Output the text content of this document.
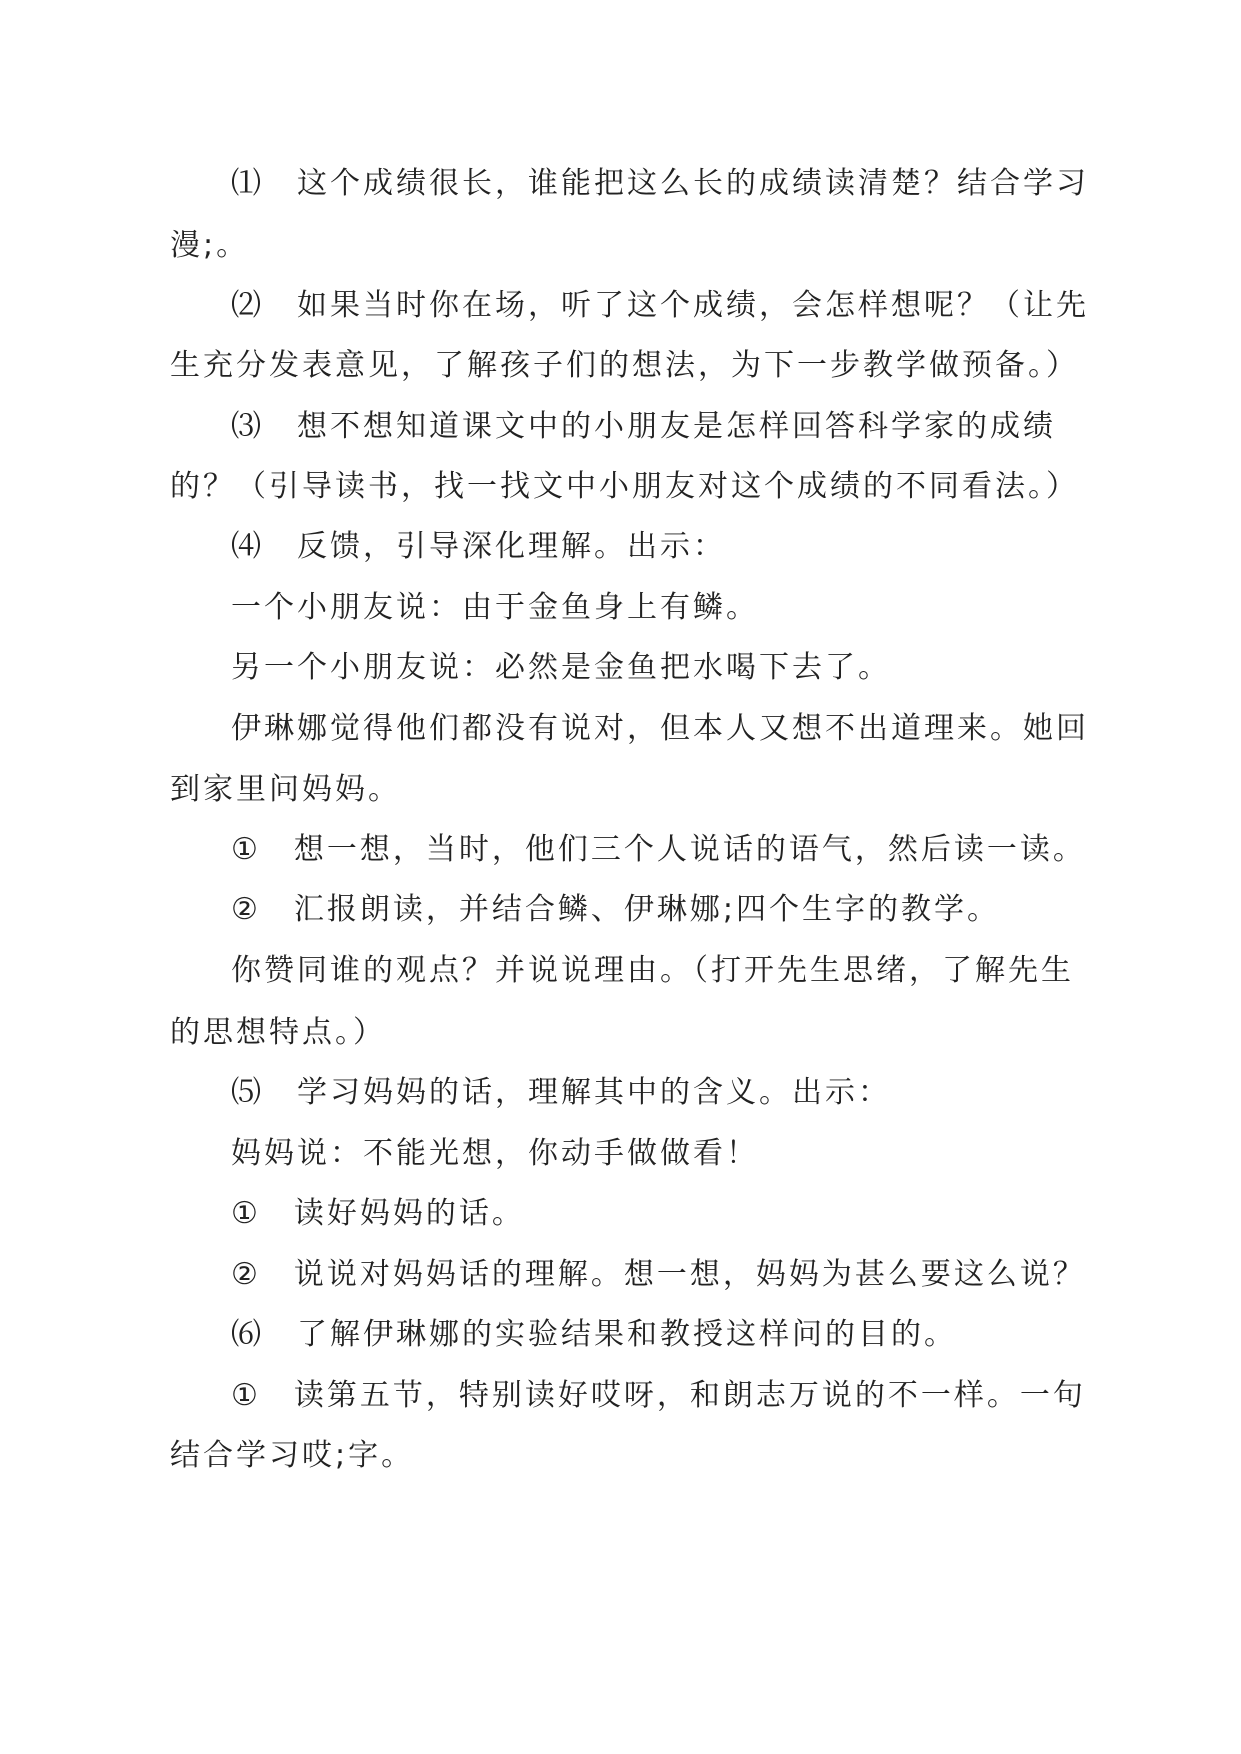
⑴　这个成绩很长，谁能把这么长的成绩读清楚？结合学习
漫;。
⑵　如果当时你在场，听了这个成绩，会怎样想呢？（让先
生充分发表意见，了解孩子们的想法，为下一步教学做预备。）
⑶　想不想知道课文中的小朋友是怎样回答科学家的成绩
的？（引导读书，找一找文中小朋友对这个成绩的不同看法。）
⑷　反馈，引导深化理解。出示：
一个小朋友说：由于金鱼身上有鳞。
另一个小朋友说：必然是金鱼把水喝下去了。
伊琳娜觉得他们都没有说对，但本人又想不出道理来。她回
到家里问妈妈。
①　想一想，当时，他们三个人说话的语气，然后读一读。
②　汇报朗读，并结合鳞、伊琳娜;四个生字的教学。
你赞同谁的观点？并说说理由。（打开先生思绪，了解先生
的思想特点。）
⑸　学习妈妈的话，理解其中的含义。出示：
妈妈说：不能光想，你动手做做看！
①　读好妈妈的话。
②　说说对妈妈话的理解。想一想，妈妈为甚么要这么说？
⑹　了解伊琳娜的实验结果和教授这样问的目的。
①　读第五节，特别读好哎呀，和朗志万说的不一样。一句
结合学习哎;字。
